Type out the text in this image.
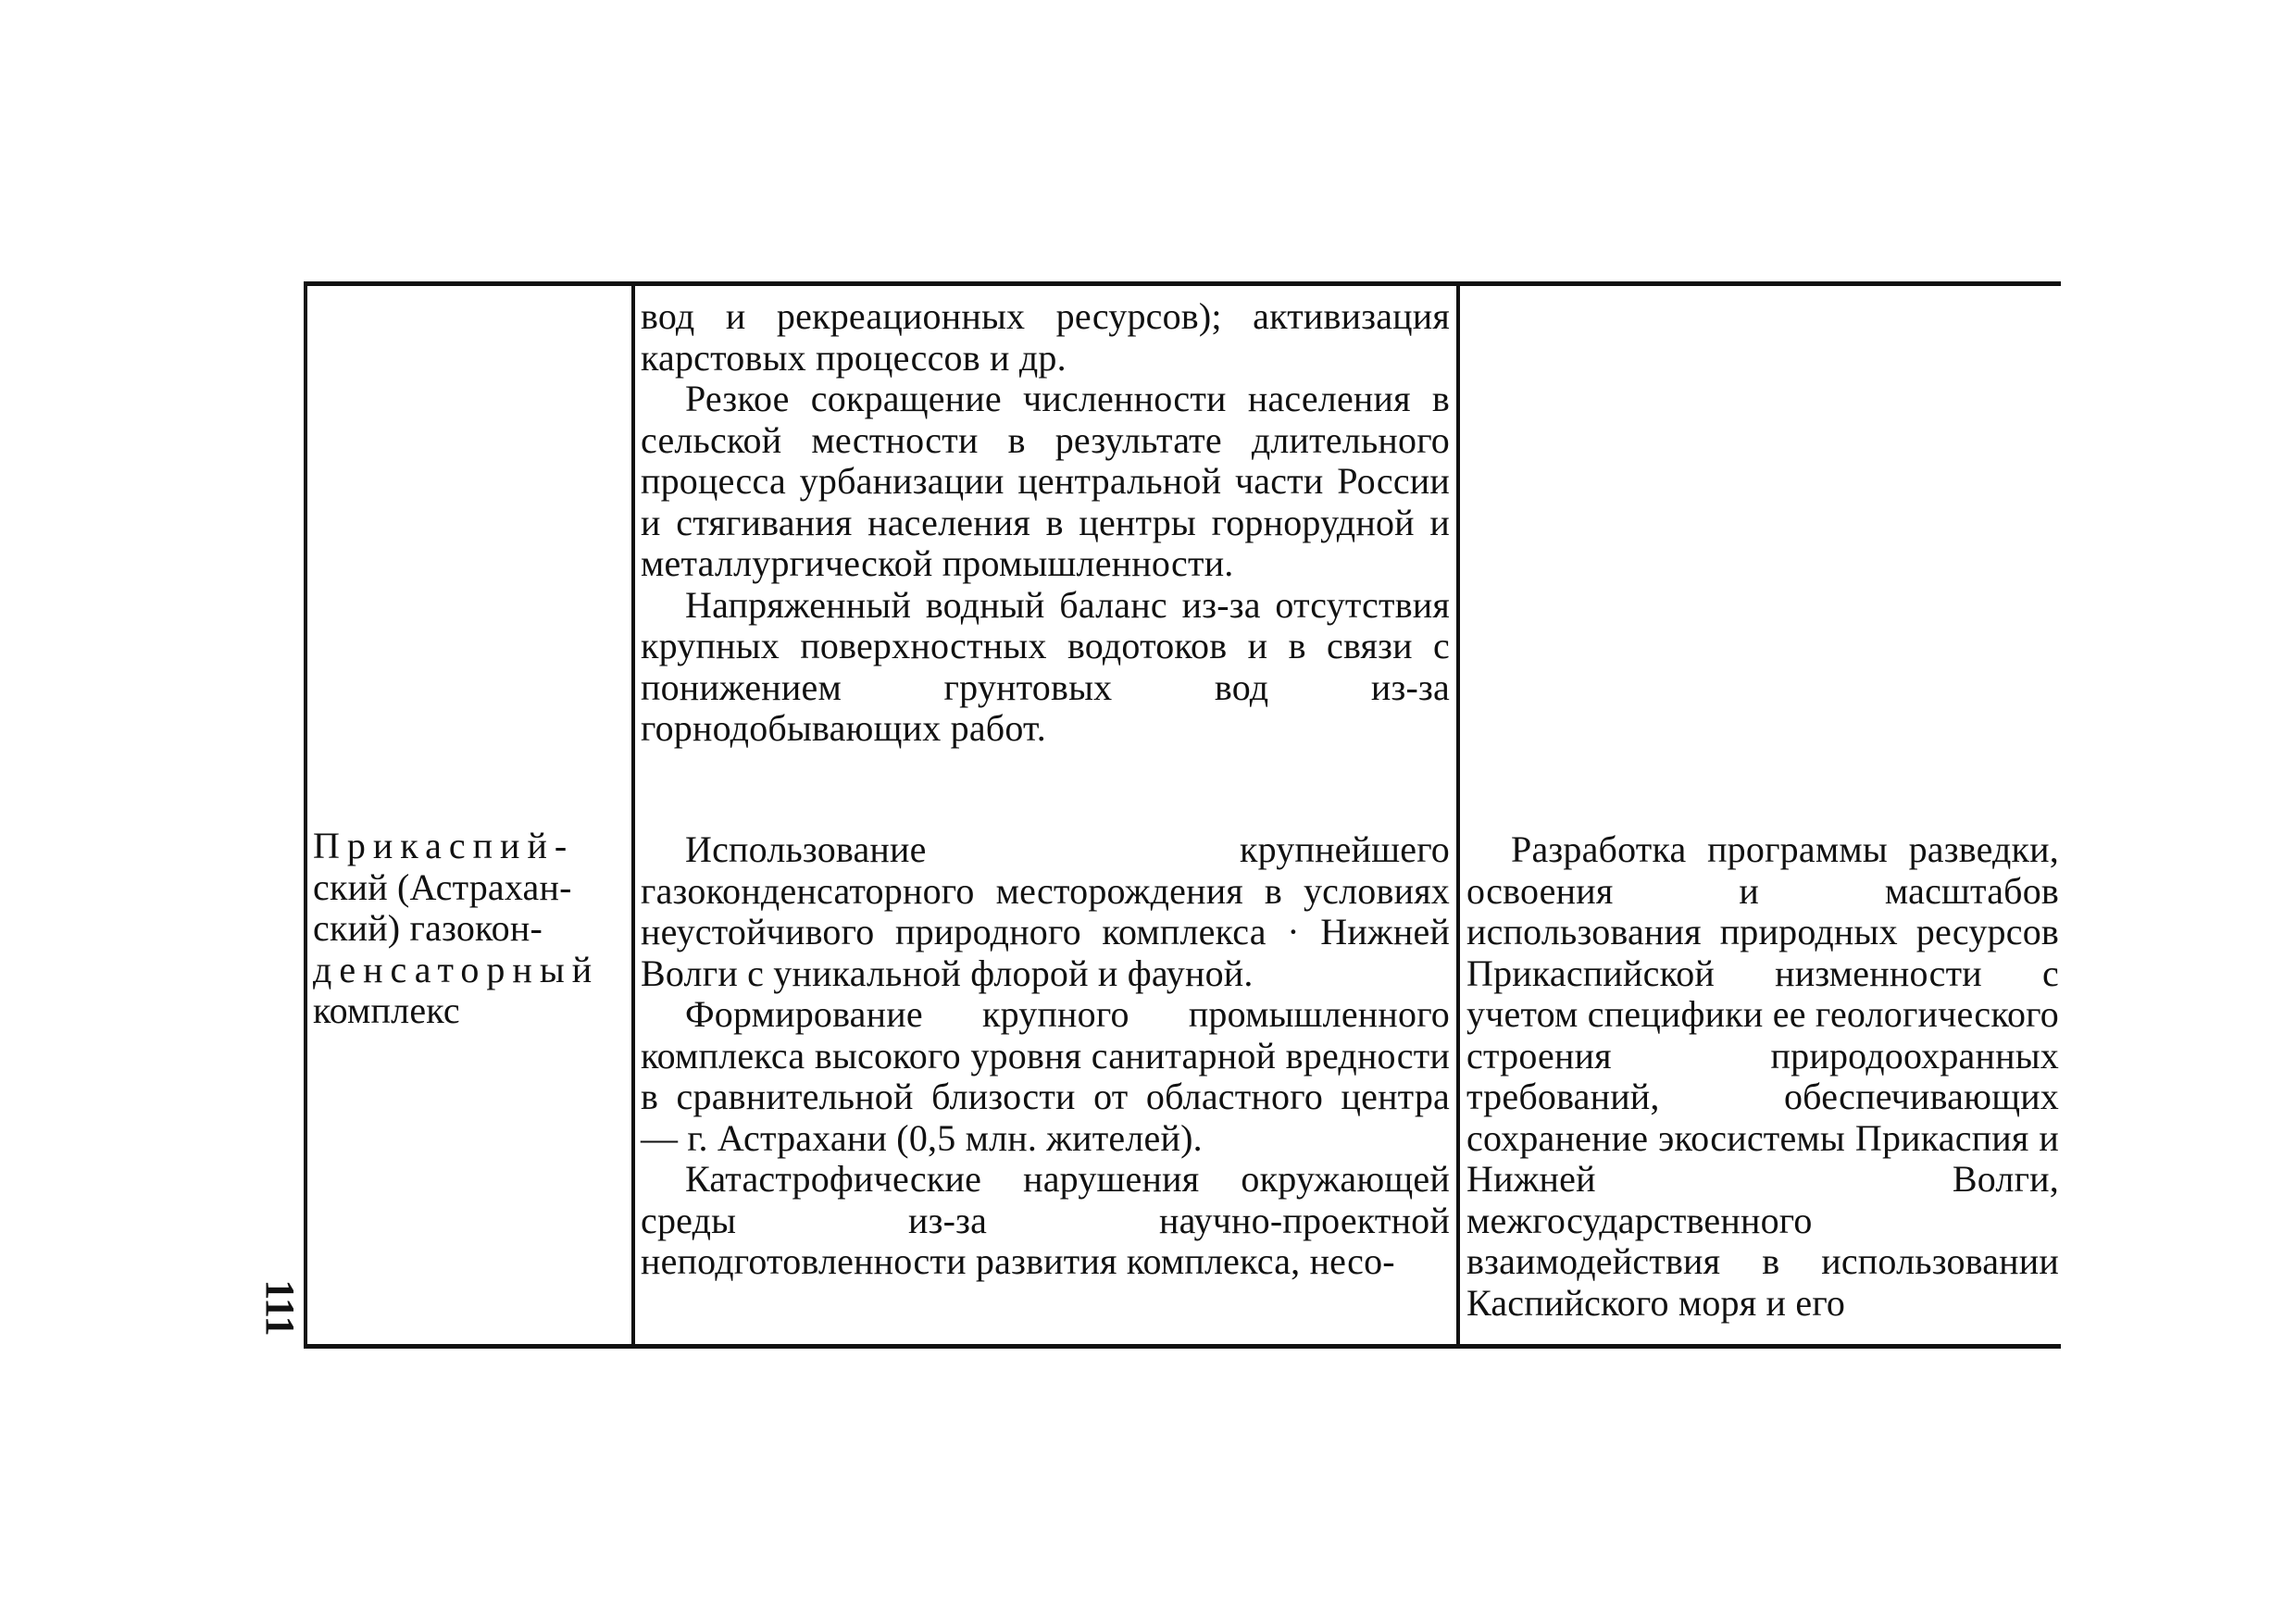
111

вод и рекреационных ресурсов); активизация карстовых процессов и др.

Резкое сокращение численности населения в сельской местности в результате длительного процесса урбанизации центральной части России и стягивания населения в центры горнорудной и металлургической промышленности.

Напряженный водный баланс из-за отсутствия крупных поверхностных водотоков и в связи с понижением грунтовых вод из-за горнодобывающих работ.

Прикаспий-
ский (Астрахан-
ский) газокон-
денсаторный
комплекс

Использование крупнейшего газоконденсаторного месторождения в условиях неустойчивого природного комплекса · Нижней Волги с уникальной флорой и фауной.

Формирование крупного промышленного комплекса высокого уровня санитарной вредности в сравнительной близости от областного центра — г. Астрахани (0,5 млн. жителей).

Катастрофические нарушения окружающей среды из-за научно-проектной неподготовленности развития комплекса, несо-

Разработка программы разведки, освоения и масштабов использования природных ресурсов Прикаспийской низменности с учетом специфики ее геологического строения природоохранных требований, обеспечивающих сохранение экосистемы Прикаспия и Нижней Волги, межгосударственного взаимодействия в использовании Каспийского моря и его
